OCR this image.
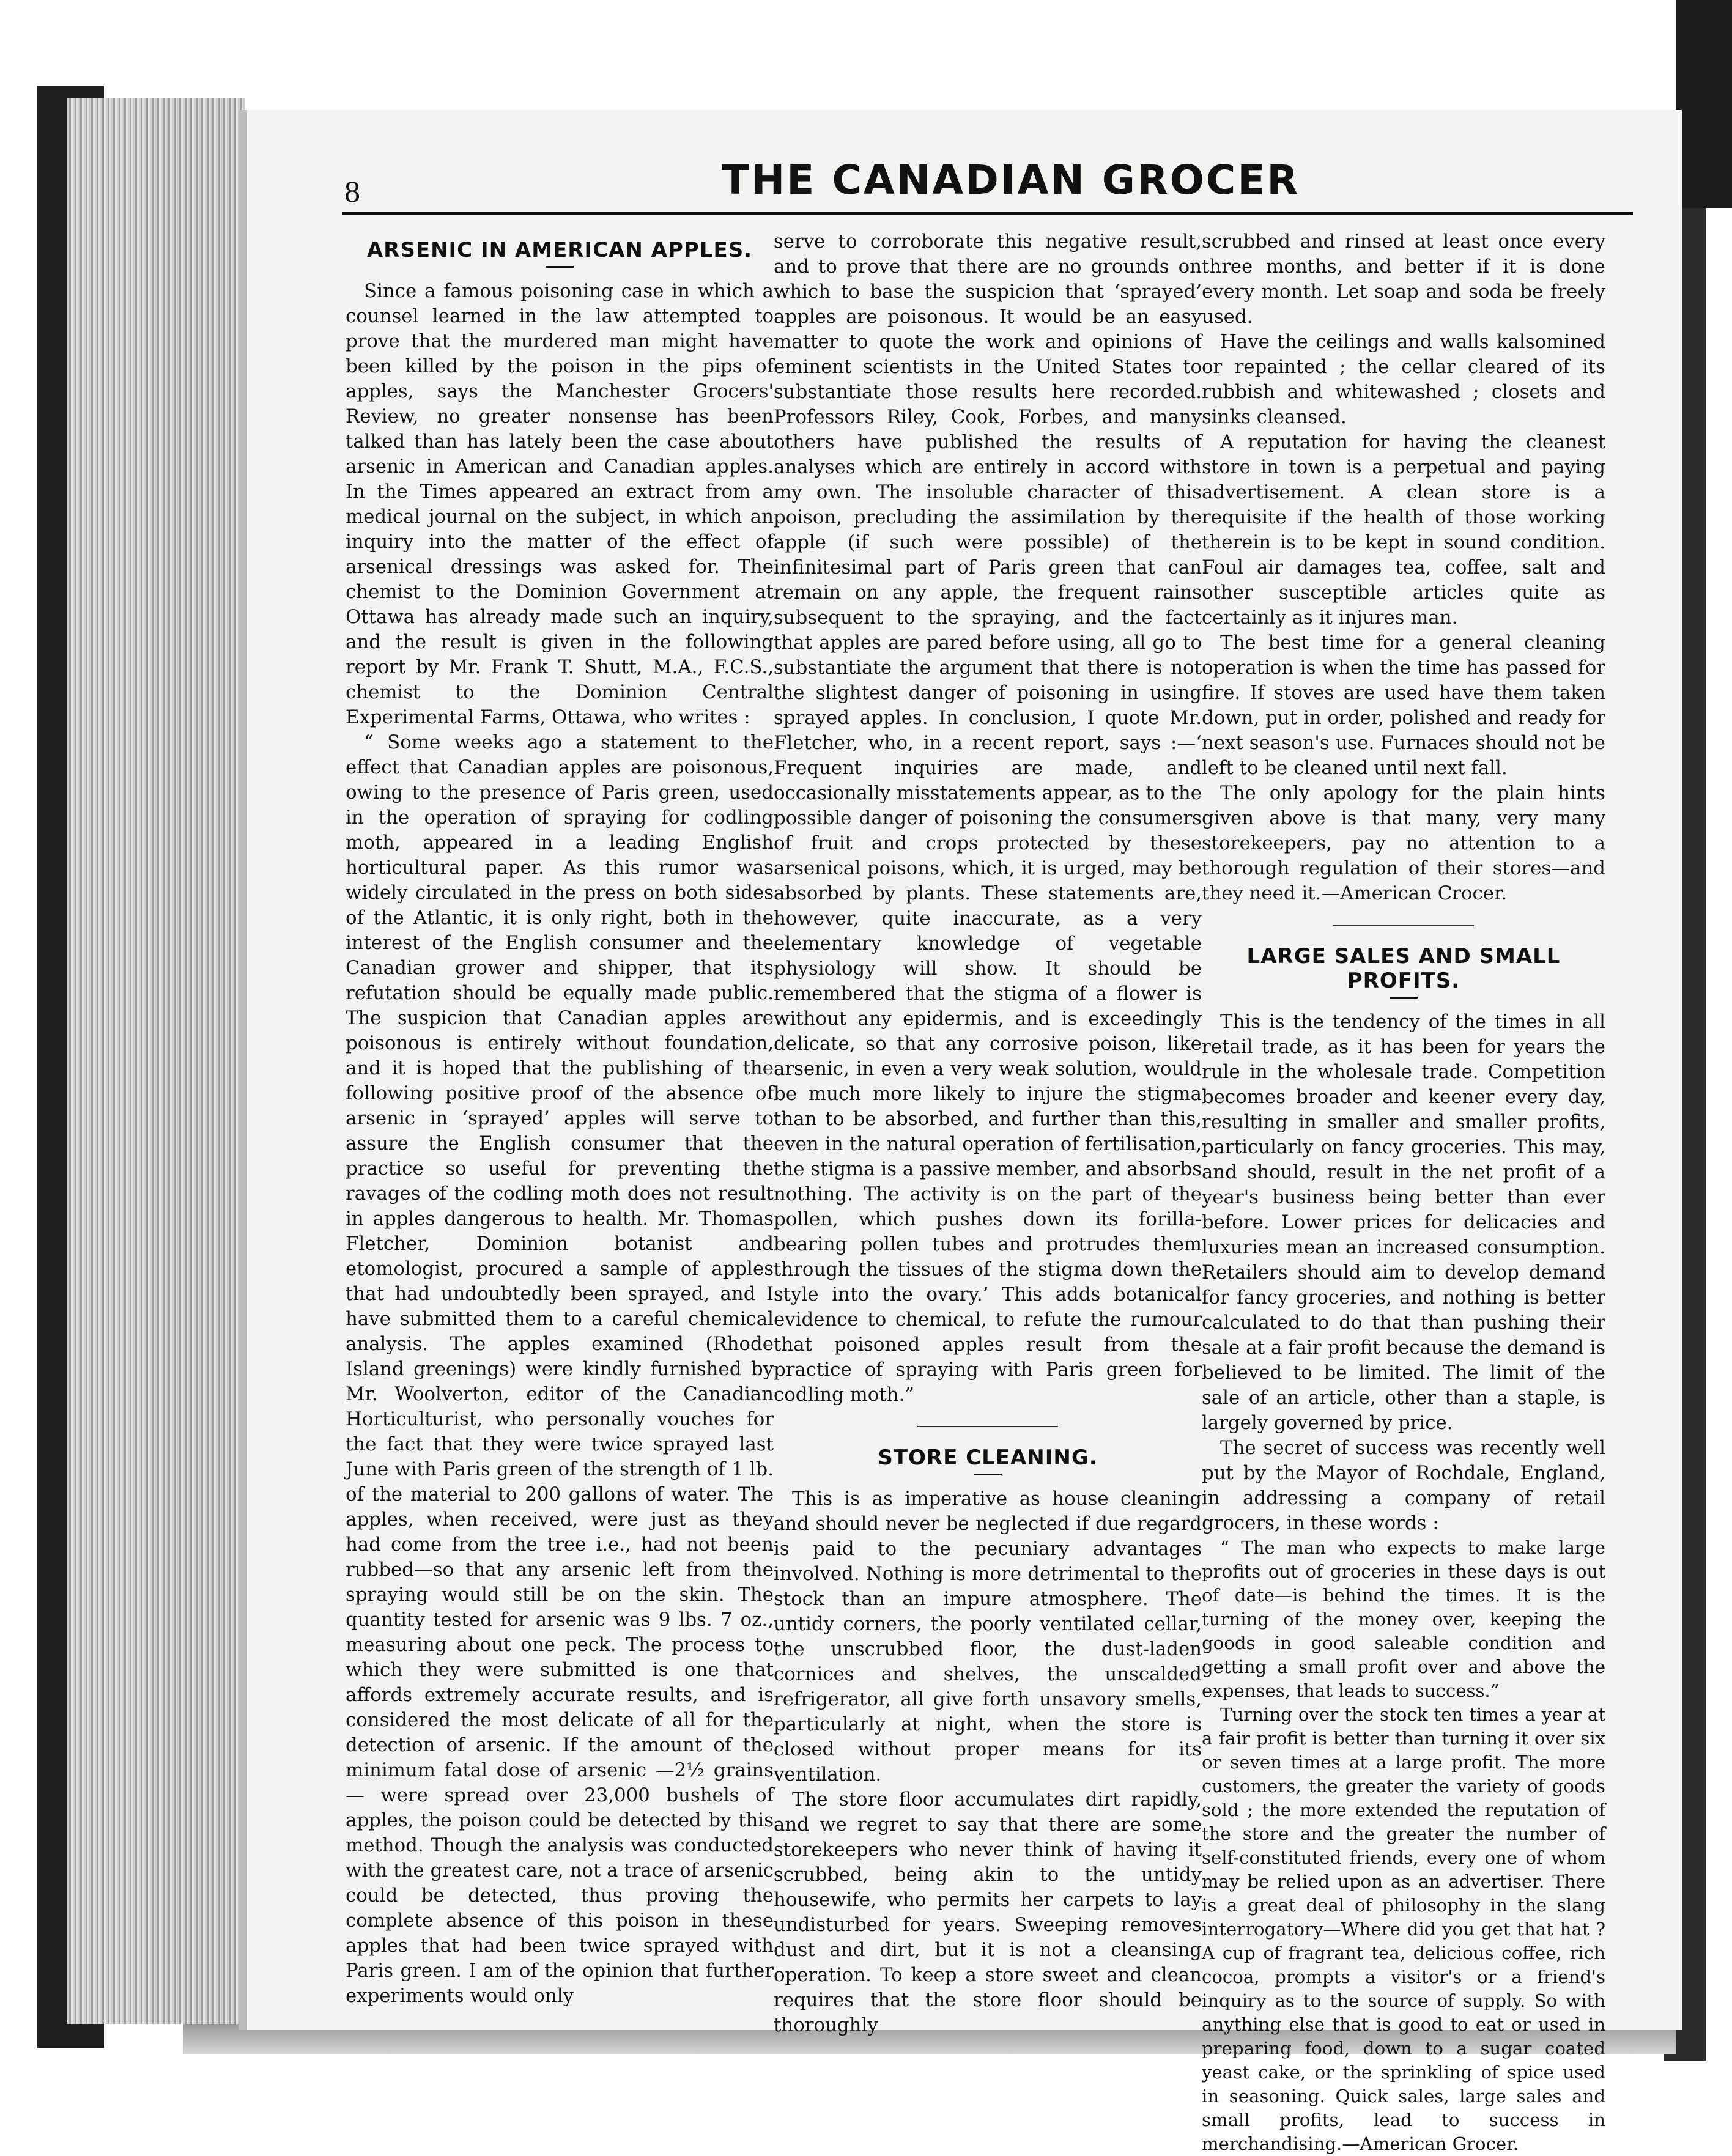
8	THE CANADIAN GROCER
ARSENIC IN AMERICAN APPLES.

Since a famous poisoning case in which a counsel learned in the law attempted to prove that the murdered man might have been killed by the poison in the pips of apples, says the Manchester Grocers' Review, no greater nonsense has been talked than has lately been the case about arsenic in American and Canadian apples. In the Times appeared an extract from a medical journal on the subject, in which an inquiry into the matter of the effect of arsenical dressings was asked for. The chemist to the Dominion Government at Ottawa has already made such an inquiry, and the result is given in the following report by Mr. Frank T. Shutt, M.A., F.C.S., chemist to the Dominion Central Experimental Farms, Ottawa, who writes :

“ Some weeks ago a statement to the effect that Canadian apples are poisonous, owing to the presence of Paris green, used in the operation of spraying for codling moth, appeared in a leading English horticultural paper. As this rumor was widely circulated in the press on both sides of the Atlantic, it is only right, both in the interest of the English consumer and the Canadian grower and shipper, that its refutation should be equally made public. The suspicion that Canadian apples are poisonous is entirely without foundation, and it is hoped that the publishing of the following positive proof of the absence of arsenic in ‘sprayed’ apples will serve to assure the English consumer that the practice so useful for preventing the ravages of the codling moth does not result in apples dangerous to health. Mr. Thomas Fletcher, Dominion botanist and etomologist, procured a sample of apples that had undoubtedly been sprayed, and I have submitted them to a careful chemical analysis. The apples examined (Rhode Island greenings) were kindly furnished by Mr. Woolverton, editor of the Canadian Horticulturist, who personally vouches for the fact that they were twice sprayed last June with Paris green of the strength of 1 lb. of the material to 200 gallons of water. The apples, when received, were just as they had come from the tree i.e., had not been rubbed—so that any arsenic left from the spraying would still be on the skin. The quantity tested for arsenic was 9 lbs. 7 oz., measuring about one peck. The process to which they were submitted is one that affords extremely accurate results, and is considered the most delicate of all for the detection of arsenic. If the amount of the minimum fatal dose of arsenic —2½ grains — were spread over 23,000 bushels of apples, the poison could be detected by this method. Though the analysis was conducted with the greatest care, not a trace of arsenic could be detected, thus proving the complete absence of this poison in these apples that had been twice sprayed with Paris green. I am of the opinion that further experiments would only

serve to corroborate this negative result, and to prove that there are no grounds on which to base the suspicion that ‘sprayed’ apples are poisonous. It would be an easy matter to quote the work and opinions of eminent scientists in the United States to substantiate those results here recorded. Professors Riley, Cook, Forbes, and many others have published the results of analyses which are entirely in accord with my own. The insoluble character of this poison, precluding the assimilation by the apple (if such were possible) of the infinitesimal part of Paris green that can remain on any apple, the frequent rains subsequent to the spraying, and the fact that apples are pared before using, all go to substantiate the argument that there is not the slightest danger of poisoning in using sprayed apples. In conclusion, I quote Mr. Fletcher, who, in a recent report, says :—‘ Frequent inquiries are made, and occasionally misstatements appear, as to the possible danger of poisoning the consumers of fruit and crops protected by these arsenical poisons, which, it is urged, may be absorbed by plants. These statements are, however, quite inaccurate, as a very elementary knowledge of vegetable physiology will show. It should be remembered that the stigma of a flower is without any epidermis, and is exceedingly delicate, so that any corrosive poison, like arsenic, in even a very weak solution, would be much more likely to injure the stigma than to be absorbed, and further than this, even in the natural operation of fertilisation, the stigma is a passive member, and absorbs nothing. The activity is on the part of the pollen, which pushes down its forilla-bearing pollen tubes and protrudes them through the tissues of the stigma down the style into the ovary.’ This adds botanical evidence to chemical, to refute the rumour that poisoned apples result from the practice of spraying with Paris green for codling moth.”

STORE CLEANING.

This is as imperative as house cleaning and should never be neglected if due regard is paid to the pecuniary advantages involved. Nothing is more detrimental to the stock than an impure atmosphere. The untidy corners, the poorly ventilated cellar, the unscrubbed floor, the dust-laden cornices and shelves, the unscalded refrigerator, all give forth unsavory smells, particularly at night, when the store is closed without proper means for its ventilation.

The store floor accumulates dirt rapidly, and we regret to say that there are some storekeepers who never think of having it scrubbed, being akin to the untidy housewife, who permits her carpets to lay undisturbed for years. Sweeping removes dust and dirt, but it is not a cleansing operation. To keep a store sweet and clean requires that the store floor should be thoroughly

scrubbed and rinsed at least once every three months, and better if it is done every month. Let soap and soda be freely used.

Have the ceilings and walls kalsomined or repainted ; the cellar cleared of its rubbish and whitewashed ; closets and sinks cleansed.

A reputation for having the cleanest store in town is a perpetual and paying advertisement. A clean store is a requisite if the health of those working therein is to be kept in sound condition. Foul air damages tea, coffee, salt and other susceptible articles quite as certainly as it injures man.

The best time for a general cleaning operation is when the time has passed for fire. If stoves are used have them taken down, put in order, polished and ready for next season's use. Furnaces should not be left to be cleaned until next fall.

The only apology for the plain hints given above is that many, very many storekeepers, pay no attention to a thorough regulation of their stores—and they need it.—American Crocer.

LARGE SALES AND SMALL PROFITS.

This is the tendency of the times in all retail trade, as it has been for years the rule in the wholesale trade. Competition becomes broader and keener every day, resulting in smaller and smaller profits, particularly on fancy groceries. This may, and should, result in the net profit of a year's business being better than ever before. Lower prices for delicacies and luxuries mean an increased consumption. Retailers should aim to develop demand for fancy groceries, and nothing is better calculated to do that than pushing their sale at a fair profit because the demand is believed to be limited. The limit of the sale of an article, other than a staple, is largely governed by price.

The secret of success was recently well put by the Mayor of Rochdale, England, in addressing a company of retail grocers, in these words :

“ The man who expects to make large profits out of groceries in these days is out of date—is behind the times. It is the turning of the money over, keeping the goods in good saleable condition and getting a small profit over and above the expenses, that leads to success.”

Turning over the stock ten times a year at a fair profit is better than turning it over six or seven times at a large profit. The more customers, the greater the variety of goods sold ; the more extended the reputation of the store and the greater the number of self-constituted friends, every one of whom may be relied upon as an advertiser. There is a great deal of philosophy in the slang interrogatory—Where did you get that hat ? A cup of fragrant tea, delicious coffee, rich cocoa, prompts a visitor's or a friend's inquiry as to the source of supply. So with anything else that is good to eat or used in preparing food, down to a sugar coated yeast cake, or the sprinkling of spice used in seasoning. Quick sales, large sales and small profits, lead to success in merchandising.—American Grocer.
